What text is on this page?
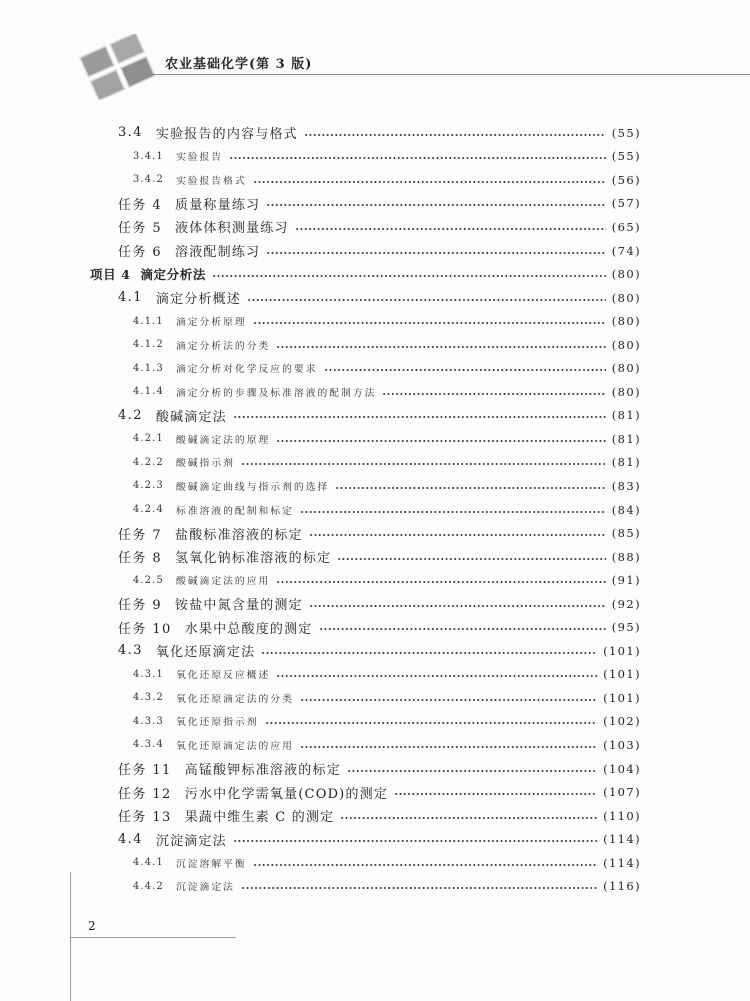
农业基础化学(第 3 版)
3.4 实验报告的内容与格式	(55)
3.4.1 实验报告	(55)
3.4.2 实验报告格式	(56)
任务 4 质量称量练习	(57)
任务 5 液体体积测量练习	(65)
任务 6 溶液配制练习	(74)
项目 4 滴定分析法	(80)
4.1 滴定分析概述	(80)
4.1.1 滴定分析原理	(80)
4.1.2 滴定分析法的分类	(80)
4.1.3 滴定分析对化学反应的要求	(80)
4.1.4 滴定分析的步骤及标准溶液的配制方法	(80)
4.2 酸碱滴定法	(81)
4.2.1 酸碱滴定法的原理	(81)
4.2.2 酸碱指示剂	(81)
4.2.3 酸碱滴定曲线与指示剂的选择	(83)
4.2.4 标准溶液的配制和标定	(84)
任务 7 盐酸标准溶液的标定	(85)
任务 8 氢氧化钠标准溶液的标定	(88)
4.2.5 酸碱滴定法的应用	(91)
任务 9 铵盐中氮含量的测定	(92)
任务 10 水果中总酸度的测定	(95)
4.3 氧化还原滴定法	(101)
4.3.1 氧化还原反应概述	(101)
4.3.2 氧化还原滴定法的分类	(101)
4.3.3 氧化还原指示剂	(102)
4.3.4 氧化还原滴定法的应用	(103)
任务 11 高锰酸钾标准溶液的标定	(104)
任务 12 污水中化学需氧量(COD)的测定	(107)
任务 13 果蔬中维生素 C 的测定	(110)
4.4 沉淀滴定法	(114)
4.4.1 沉淀溶解平衡	(114)
4.4.2 沉淀滴定法	(116)
2
